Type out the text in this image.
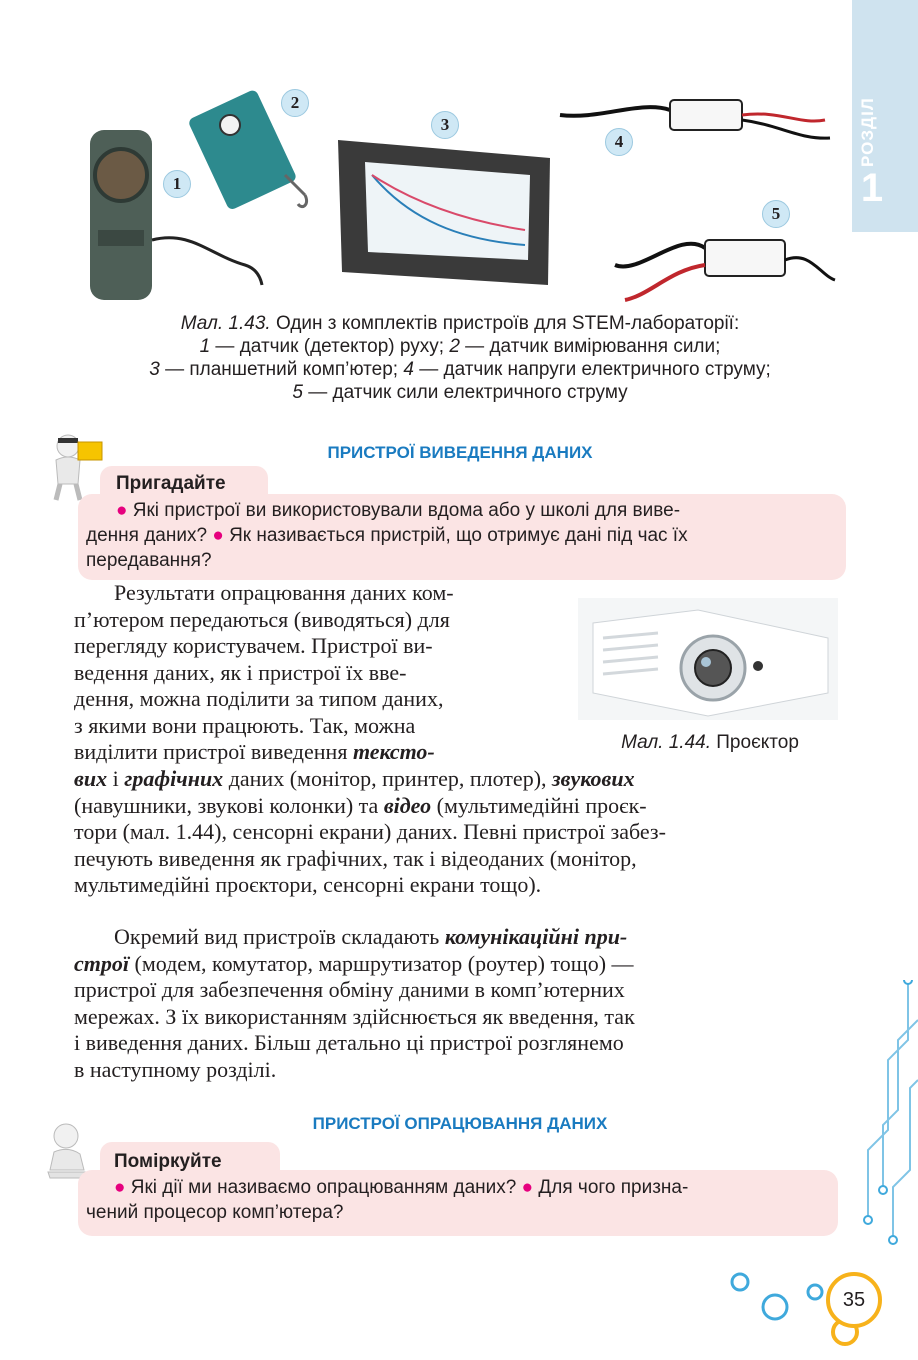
РОЗДІЛ
1
1
2
3
4
5
Мал. 1.43. Один з комплектів пристроїв для STEM-лабораторії:
1 — датчик (детектор) руху; 2 — датчик вимірювання сили;
3 — планшетний комп’ютер; 4 — датчик напруги електричного струму;
5 — датчик сили електричного струму
ПРИСТРОЇ ВИВЕДЕННЯ ДАНИХ
Пригадайте
● Які пристрої ви використовували вдома або у школі для виве-
дення даних? ● Як називається пристрій, що отримує дані під час їх
передавання?
Мал. 1.44. Проєктор
Результати опрацювання даних ком-
п’ютером передаються (виводяться) для
перегляду користувачем. Пристрої ви-
ведення даних, як і пристрої їх вве-
дення, можна поділити за типом даних,
з якими вони працюють. Так, можна
виділити пристрої виведення тексто-
вих і графічних даних (монітор, принтер, плотер), звукових
(навушники, звукові колонки) та відео (мультимедійні проєк-
тори (мал. 1.44), сенсорні екрани) даних. Певні пристрої забез-
печують виведення як графічних, так і відеоданих (монітор,
мультимедійні проєктори, сенсорні екрани тощо).
Окремий вид пристроїв складають комунікаційні при-
строї (модем, комутатор, маршрутизатор (роутер) тощо) —
пристрої для забезпечення обміну даними в комп’ютерних
мережах. З їх використанням здійснюється як введення, так
і виведення даних. Більш детально ці пристрої розглянемо
в наступному розділі.
ПРИСТРОЇ ОПРАЦЮВАННЯ ДАНИХ
Поміркуйте
● Які дії ми називаємо опрацюванням даних? ● Для чого призна-
чений процесор комп’ютера?
35
